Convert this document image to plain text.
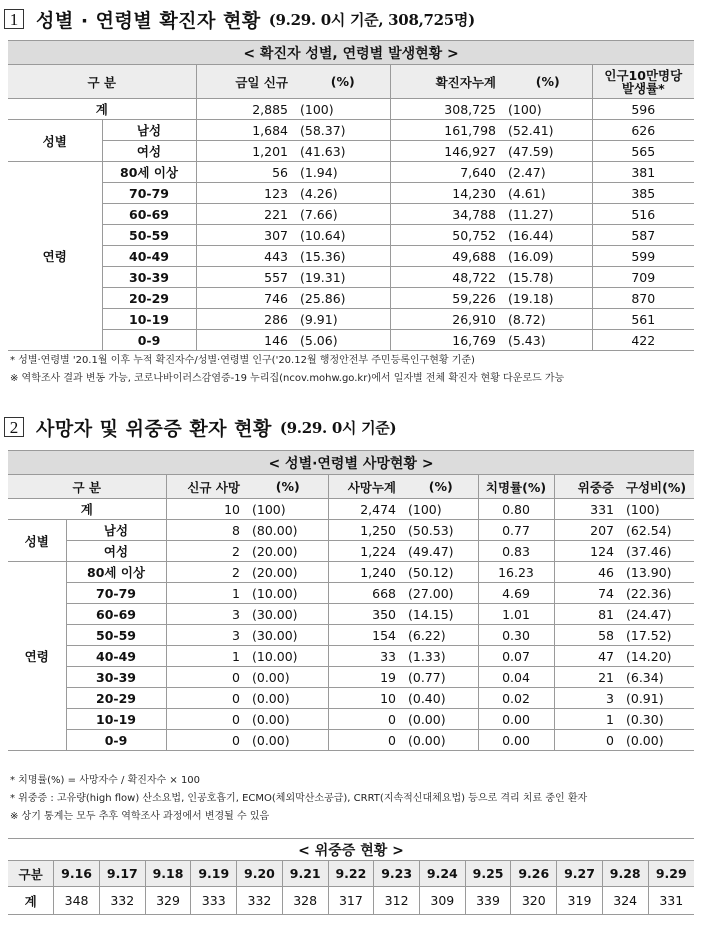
1 성별 · 연령별 확진자 현황 (9.29. 0시 기준, 308,725명)
< 확진자 성별, 연령별 발생현황 >						
구 분		금일 신규	(%)	확진자누계	(%)	인구10만명당
발생률*

계		2,885	(100)	308,725	(100)	596
성별	남성	1,684	(58.37)	161,798	(52.41)	626
	여성	1,201	(41.63)	146,927	(47.59)	565
연령	80세 이상	56	(1.94)	7,640	(2.47)	381
	70-79	123	(4.26)	14,230	(4.61)	385
	60-69	221	(7.66)	34,788	(11.27)	516
	50-59	307	(10.64)	50,752	(16.44)	587
	40-49	443	(15.36)	49,688	(16.09)	599
	30-39	557	(19.31)	48,722	(15.78)	709
	20-29	746	(25.86)	59,226	(19.18)	870
	10-19	286	(9.91)	26,910	(8.72)	561
	0-9	146	(5.06)	16,769	(5.43)	422
* 성별·연령별 '20.1월 이후 누적 확진자수/성별·연령별 인구('20.12월 행정안전부 주민등록인구현황 기준)
※ 역학조사 결과 변동 가능, 코로나바이러스감염증-19 누리집(ncov.mohw.go.kr)에서 일자별 전체 확진자 현황 다운로드 가능
2 사망자 및 위중증 환자 현황 (9.29. 0시 기준)
< 성별·연령별 사망현황 >								
구 분		신규 사망	(%)	사망누계	(%)	치명률(%)	위중증	구성비(%)
계		10	(100)	2,474	(100)	0.80	331	(100)
성별	남성	8	(80.00)	1,250	(50.53)	0.77	207	(62.54)
	여성	2	(20.00)	1,224	(49.47)	0.83	124	(37.46)
연령	80세 이상	2	(20.00)	1,240	(50.12)	16.23	46	(13.90)
	70-79	1	(10.00)	668	(27.00)	4.69	74	(22.36)
	60-69	3	(30.00)	350	(14.15)	1.01	81	(24.47)
	50-59	3	(30.00)	154	(6.22)	0.30	58	(17.52)
	40-49	1	(10.00)	33	(1.33)	0.07	47	(14.20)
	30-39	0	(0.00)	19	(0.77)	0.04	21	(6.34)
	20-29	0	(0.00)	10	(0.40)	0.02	3	(0.91)
	10-19	0	(0.00)	0	(0.00)	0.00	1	(0.30)
	0-9	0	(0.00)	0	(0.00)	0.00	0	(0.00)
* 치명률(%) = 사망자수 / 확진자수 × 100
* 위중증 : 고유량(high flow) 산소요법, 인공호흡기, ECMO(체외막산소공급), CRRT(지속적신대체요법) 등으로 격리 치료 중인 환자
※ 상기 통계는 모두 추후 역학조사 과정에서 변경될 수 있음
< 위중증 현황 >														
구분	9.16	9.17	9.18	9.19	9.20	9.21	9.22	9.23	9.24	9.25	9.26	9.27	9.28	9.29
계	348	332	329	333	332	328	317	312	309	339	320	319	324	331
